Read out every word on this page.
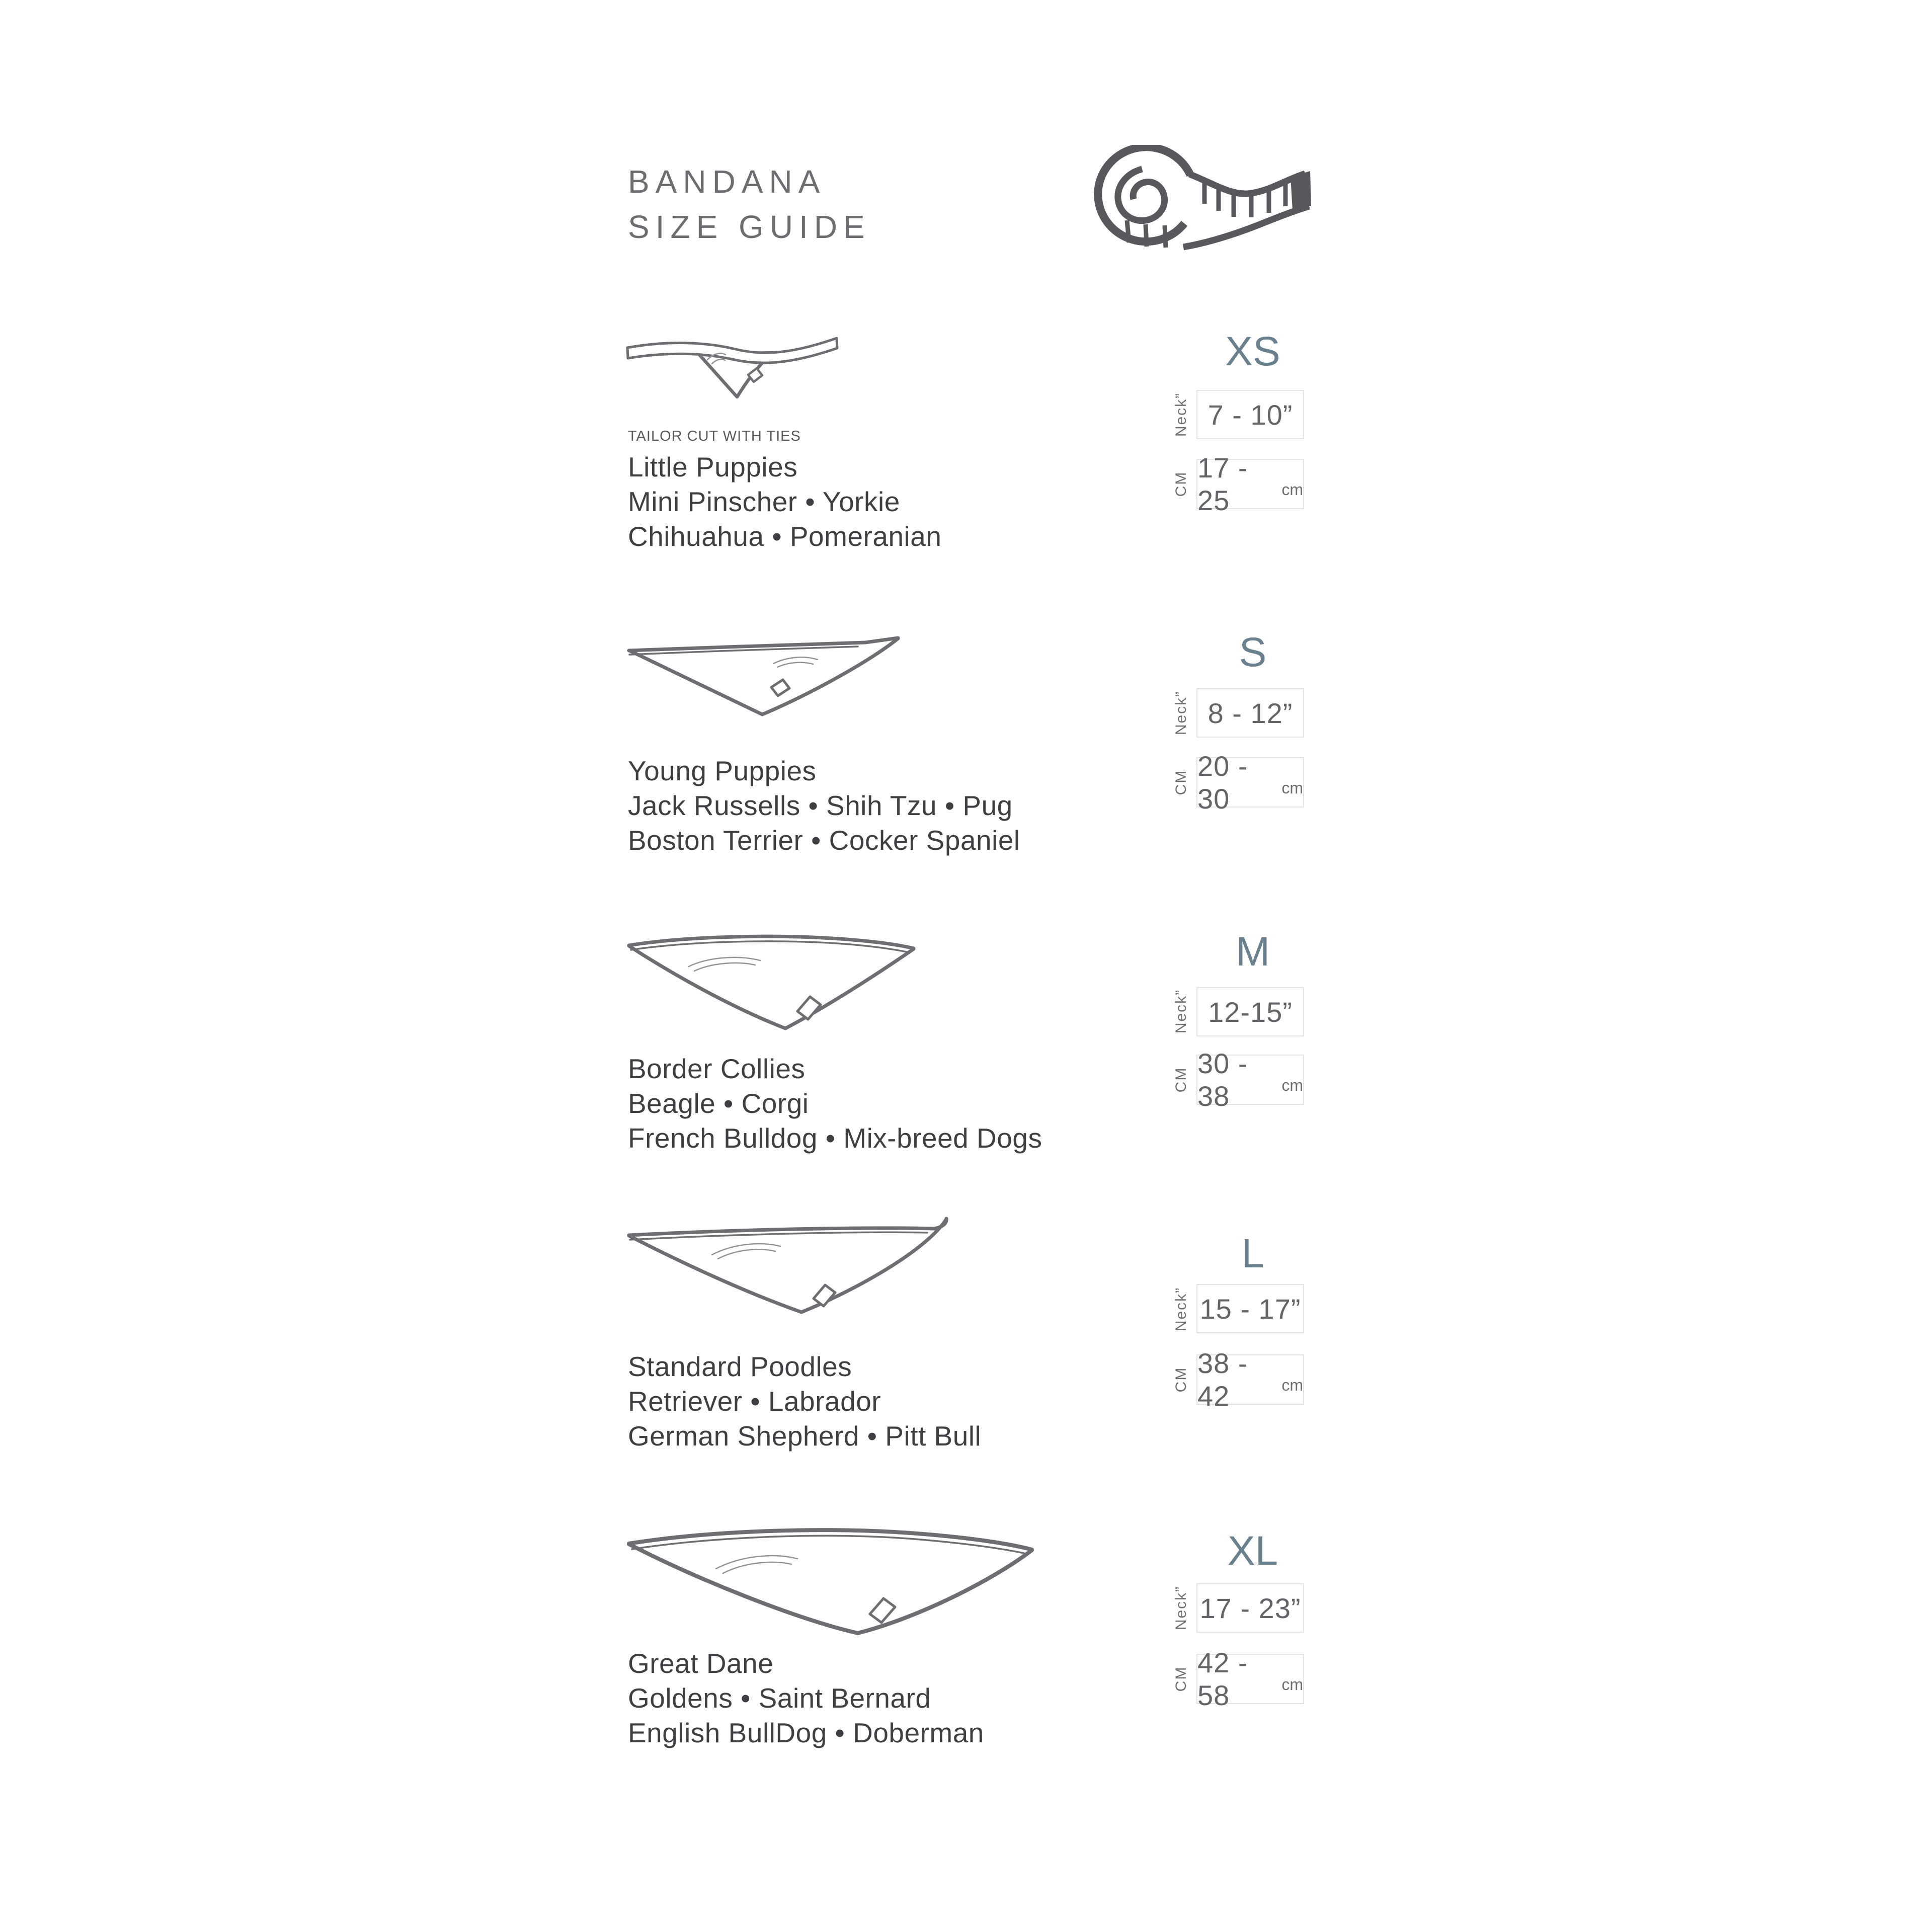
BANDANA
SIZE GUIDE
TAILOR CUT WITH TIES
Little Puppies
Mini Pinscher • Yorkie
Chihuahua • Pomeranian
XS
Neck” 7 - 10”
CM
17 - 25	cm
Young Puppies
Jack Russells • Shih Tzu • Pug
Boston Terrier • Cocker Spaniel
S
Neck” 8 - 12”
CM
20 - 30	cm
Border Collies
Beagle • Corgi
French Bulldog • Mix-breed Dogs
M
Neck” 12-15”
CM
30 - 38	cm
Standard Poodles
Retriever • Labrador
German Shepherd • Pitt Bull
L
Neck” 15 - 17”
CM
38 - 42	cm
Great Dane
Goldens • Saint Bernard
English BullDog • Doberman
XL
Neck” 17 - 23”
CM
42 - 58	cm
